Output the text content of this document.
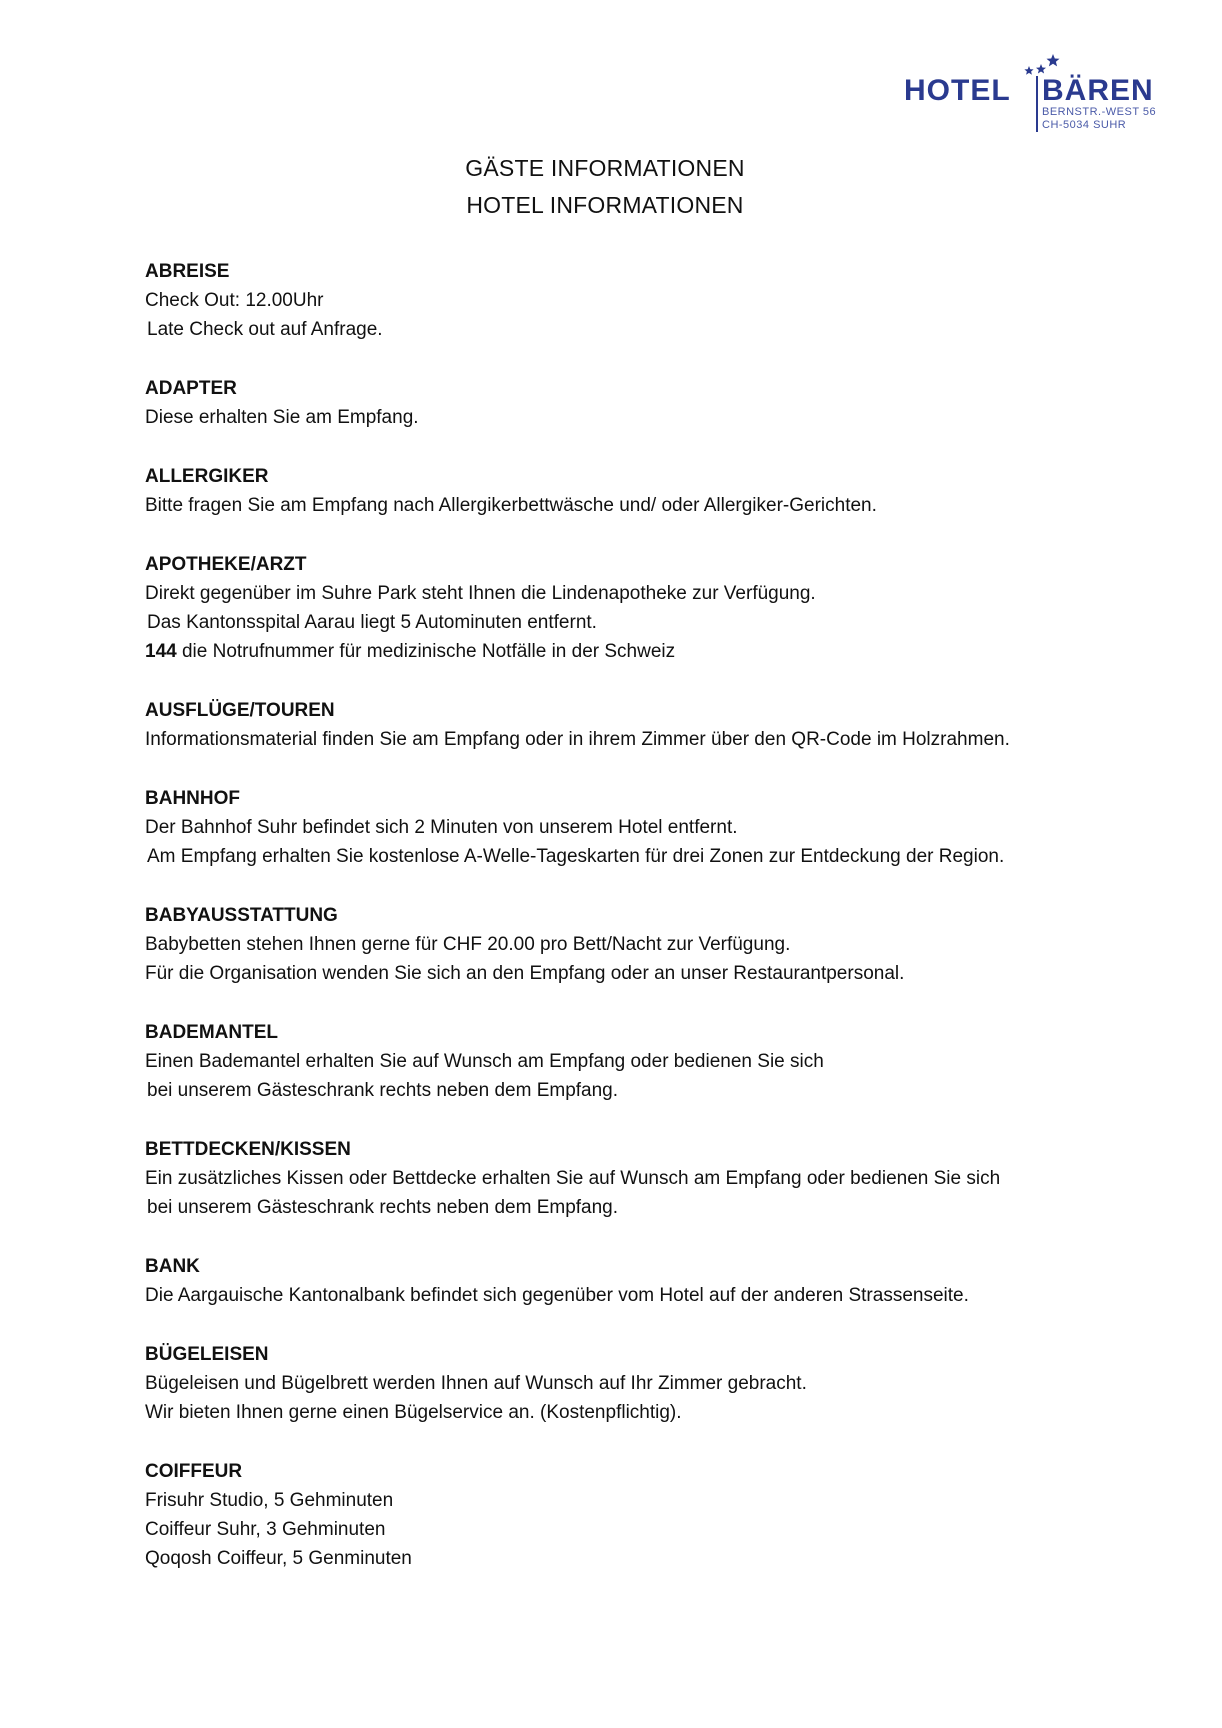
HOTEL BÄREN
BERNSTR.-WEST 56
CH-5034 SUHR
GÄSTE INFORMATIONEN
HOTEL INFORMATIONEN
ABREISE
Check Out: 12.00Uhr
Late Check out auf Anfrage.
ADAPTER
Diese erhalten Sie am Empfang.
ALLERGIKER
Bitte fragen Sie am Empfang nach Allergikerbettwäsche und/ oder Allergiker-Gerichten.
APOTHEKE/ARZT
Direkt gegenüber im Suhre Park steht Ihnen die Lindenapotheke zur Verfügung.
Das Kantonsspital Aarau liegt 5 Autominuten entfernt.
144 die Notrufnummer für medizinische Notfälle in der Schweiz
AUSFLÜGE/TOUREN
Informationsmaterial finden Sie am Empfang oder in ihrem Zimmer über den QR-Code im Holzrahmen.
BAHNHOF
Der Bahnhof Suhr befindet sich 2 Minuten von unserem Hotel entfernt.
Am Empfang erhalten Sie kostenlose A-Welle-Tageskarten für drei Zonen zur Entdeckung der Region.
BABYAUSSTATTUNG
Babybetten stehen Ihnen gerne für CHF 20.00 pro Bett/Nacht zur Verfügung.
Für die Organisation wenden Sie sich an den Empfang oder an unser Restaurantpersonal.
BADEMANTEL
Einen Bademantel erhalten Sie auf Wunsch am Empfang oder bedienen Sie sich
bei unserem Gästeschrank rechts neben dem Empfang.
BETTDECKEN/KISSEN
Ein zusätzliches Kissen oder Bettdecke erhalten Sie auf Wunsch am Empfang oder bedienen Sie sich
bei unserem Gästeschrank rechts neben dem Empfang.
BANK
Die Aargauische Kantonalbank befindet sich gegenüber vom Hotel auf der anderen Strassenseite.
BÜGELEISEN
Bügeleisen und Bügelbrett werden Ihnen auf Wunsch auf Ihr Zimmer gebracht.
Wir bieten Ihnen gerne einen Bügelservice an. (Kostenpflichtig).
COIFFEUR
Frisuhr Studio, 5 Gehminuten
Coiffeur Suhr, 3 Gehminuten
Qoqosh Coiffeur, 5 Genminuten
